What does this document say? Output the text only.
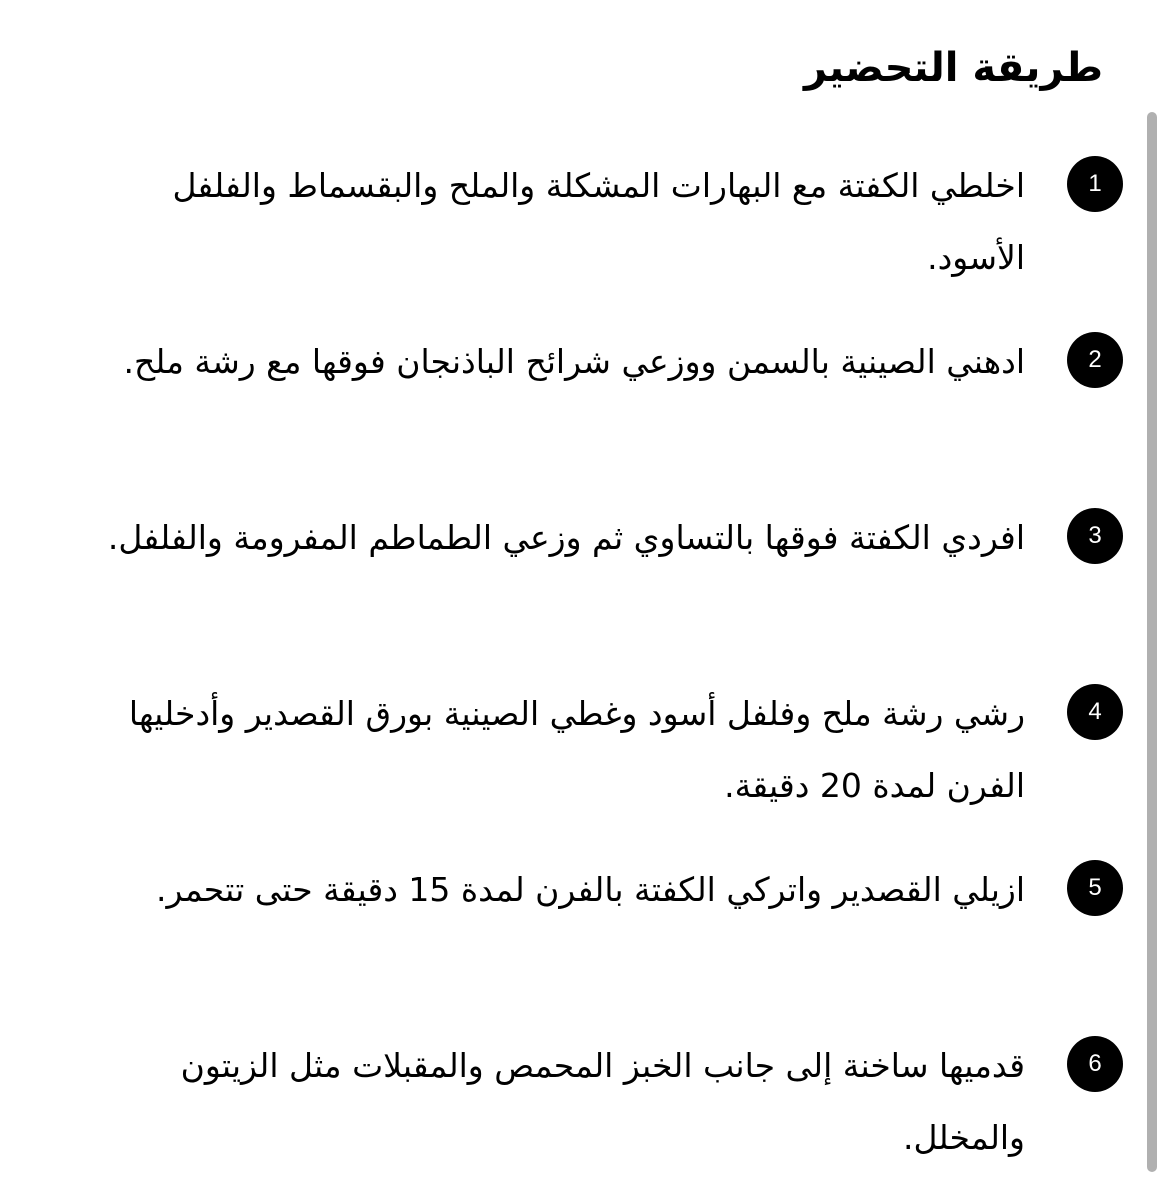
طريقة التحضير
1

اخلطي الكفتة مع البهارات المشكلة والملح والبقسماط والفلفل الأسود.

2

ادهني الصينية بالسمن ووزعي شرائح الباذنجان فوقها مع رشة ملح.

3

افردي الكفتة فوقها بالتساوي ثم وزعي الطماطم المفرومة والفلفل.

4

رشي رشة ملح وفلفل أسود وغطي الصينية بورق القصدير وأدخليها الفرن لمدة 20 دقيقة.

5

ازيلي القصدير واتركي الكفتة بالفرن لمدة 15 دقيقة حتى تتحمر.

6

قدميها ساخنة إلى جانب الخبز المحمص والمقبلات مثل الزيتون والمخلل.
